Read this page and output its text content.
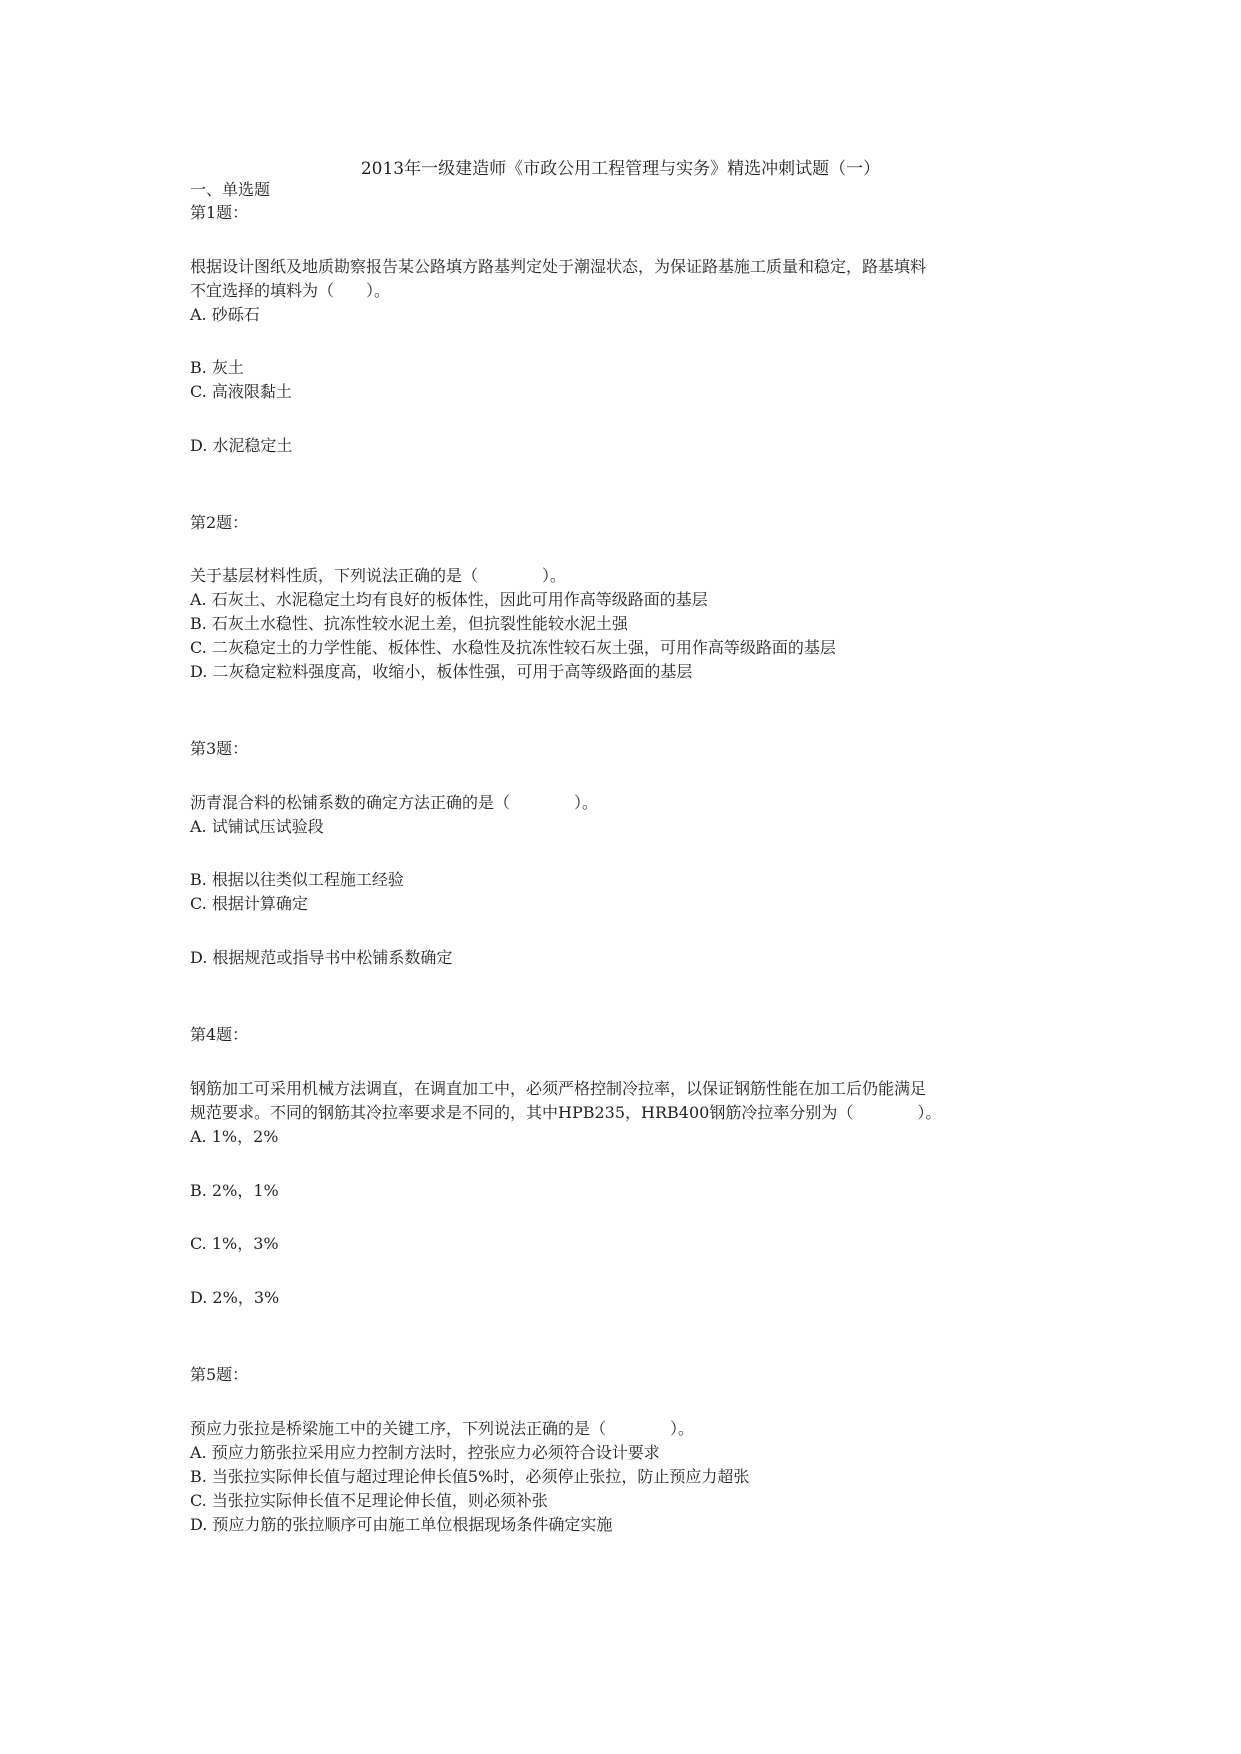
2013年一级建造师《市政公用工程管理与实务》精选冲刺试题（一）
一、单选题
第1题：
根据设计图纸及地质勘察报告某公路填方路基判定处于潮湿状态，为保证路基施工质量和稳定，路基填料
不宜选择的填料为（　　）。
A. 砂砾石
B. 灰土
C. 高液限黏土
D. 水泥稳定土
第2题：
关于基层材料性质，下列说法正确的是（　　　　）。
A. 石灰土、水泥稳定土均有良好的板体性，因此可用作高等级路面的基层
B. 石灰土水稳性、抗冻性较水泥土差，但抗裂性能较水泥土强
C. 二灰稳定土的力学性能、板体性、水稳性及抗冻性较石灰土强，可用作高等级路面的基层
D. 二灰稳定粒料强度高，收缩小，板体性强，可用于高等级路面的基层
第3题：
沥青混合料的松铺系数的确定方法正确的是（　　　　）。
A. 试铺试压试验段
B. 根据以往类似工程施工经验
C. 根据计算确定
D. 根据规范或指导书中松铺系数确定
第4题：
钢筋加工可采用机械方法调直，在调直加工中，必须严格控制冷拉率，以保证钢筋性能在加工后仍能满足
规范要求。不同的钢筋其冷拉率要求是不同的，其中HPB235，HRB400钢筋冷拉率分别为（　　　　）。
A. 1%，2%
B. 2%，1%
C. 1%，3%
D. 2%，3%
第5题：
预应力张拉是桥梁施工中的关键工序，下列说法正确的是（　　　　）。
A. 预应力筋张拉采用应力控制方法时，控张应力必须符合设计要求
B. 当张拉实际伸长值与超过理论伸长值5%时，必须停止张拉，防止预应力超张
C. 当张拉实际伸长值不足理论伸长值，则必须补张
D. 预应力筋的张拉顺序可由施工单位根据现场条件确定实施
